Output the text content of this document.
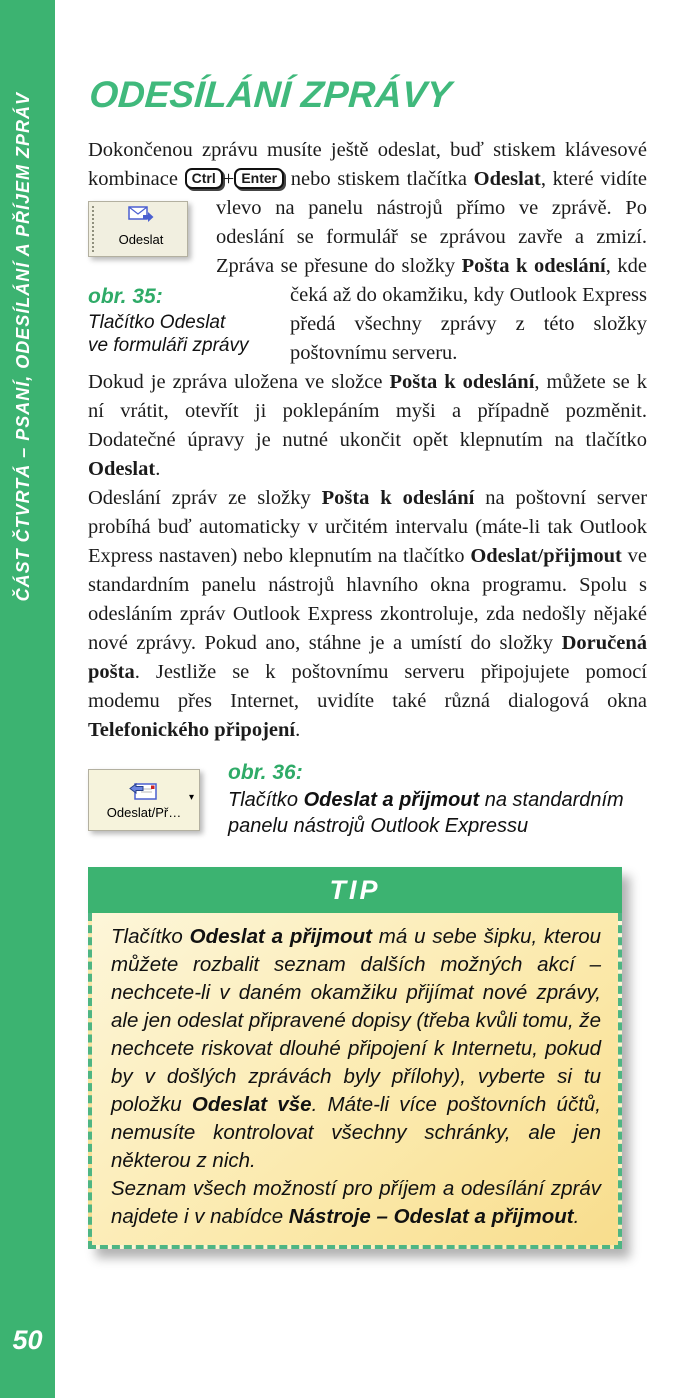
ČÁST ČTVRTÁ – PSANÍ, ODESÍLÁNÍ A PŘÍJEM ZPRÁV
50
ODESÍLÁNÍ ZPRÁVY

Dokončenou zprávu musíte ještě odeslat, buď stiskem klávesové kombinace Ctrl + Enter nebo stiskem tlačítka Odeslat, které vidíte
Odeslat
obr. 35:
Tlačítko Odeslat
ve formuláři zprávy
vlevo na panelu nástrojů přímo ve zprávě. Po odeslání se formulář se zprávou zavře a zmizí. Zpráva se přesune do složky Pošta k odeslání, kde čeká až do okamžiku, kdy Outlook Express předá všechny zprávy z této složky poštovnímu serveru.

Dokud je zpráva uložena ve složce Pošta k odeslání, můžete se k ní vrátit, otevřít ji poklepáním myši a případně pozměnit. Dodatečné úpravy je nutné ukončit opět klepnutím na tlačítko Odeslat.

Odeslání zpráv ze složky Pošta k odeslání na poštovní server probíhá buď automaticky v určitém intervalu (máte-li tak Outlook Express nastaven) nebo klepnutím na tlačítko Odeslat/přijmout ve standardním panelu nástrojů hlavního okna programu. Spolu s odesláním zpráv Outlook Express zkontroluje, zda nedošly nějaké nové zprávy. Pokud ano, stáhne je a umístí do složky Doručená pošta. Jestliže se k poštovnímu serveru připojujete pomocí modemu přes Internet, uvidíte také různá dialogová okna Telefonického připojení.

Odeslat/Př…
▾
obr. 36:
Tlačítko Odeslat a přijmout na standardním panelu nástrojů Outlook Expressu
TIP

Tlačítko Odeslat a přijmout má u sebe šipku, kterou můžete rozbalit seznam dalších možných akcí – nechcete-li v daném okamžiku přijímat nové zprávy, ale jen odeslat připravené dopisy (třeba kvůli tomu, že nechcete riskovat dlouhé připojení k Internetu, pokud by v došlých zprávách byly přílohy), vyberte si tu položku Odeslat vše. Máte-li více poštovních účtů, nemusíte kontrolovat všechny schránky, ale jen některou z nich.

Seznam všech možností pro příjem a odesílání zpráv najdete i v nabídce Nástroje – Odeslat a přijmout.
